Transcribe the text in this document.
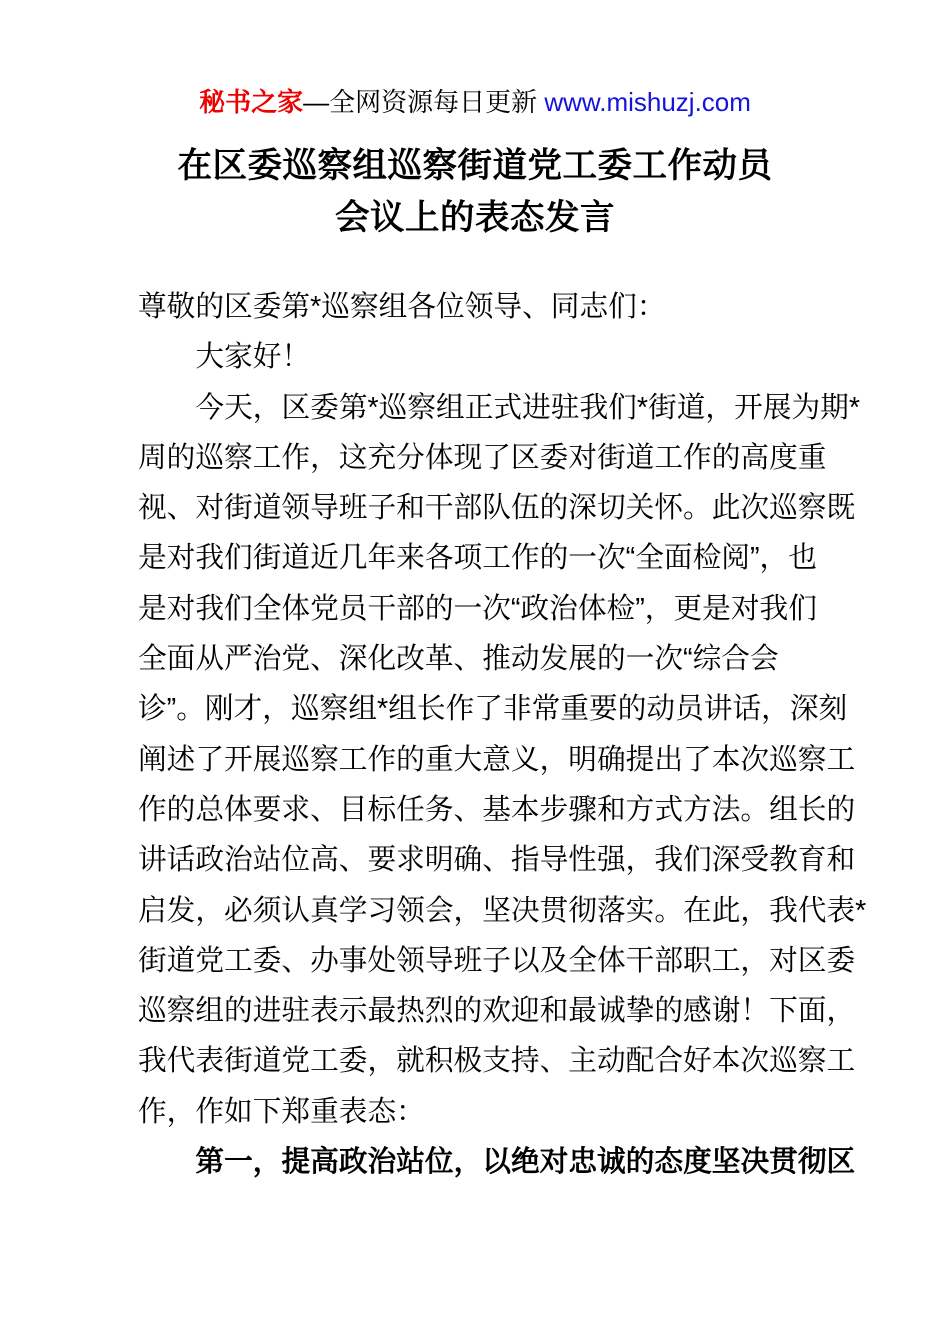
秘书之家—全网资源每日更新 www.mishuzj.com
在区委巡察组巡察街道党工委工作动员
会议上的表态发言
尊敬的区委第*巡察组各位领导、同志们：
大家好！
今天，区委第*巡察组正式进驻我们*街道，开展为期*
周的巡察工作，这充分体现了区委对街道工作的高度重
视、对街道领导班子和干部队伍的深切关怀。此次巡察既
是对我们街道近几年来各项工作的一次“全面检阅”，也
是对我们全体党员干部的一次“政治体检”，更是对我们
全面从严治党、深化改革、推动发展的一次“综合会
诊”。刚才，巡察组*组长作了非常重要的动员讲话，深刻
阐述了开展巡察工作的重大意义，明确提出了本次巡察工
作的总体要求、目标任务、基本步骤和方式方法。组长的
讲话政治站位高、要求明确、指导性强，我们深受教育和
启发，必须认真学习领会，坚决贯彻落实。在此，我代表*
街道党工委、办事处领导班子以及全体干部职工，对区委
巡察组的进驻表示最热烈的欢迎和最诚挚的感谢！下面，
我代表街道党工委，就积极支持、主动配合好本次巡察工
作，作如下郑重表态：
第一，提高政治站位，以绝对忠诚的态度坚决贯彻区
